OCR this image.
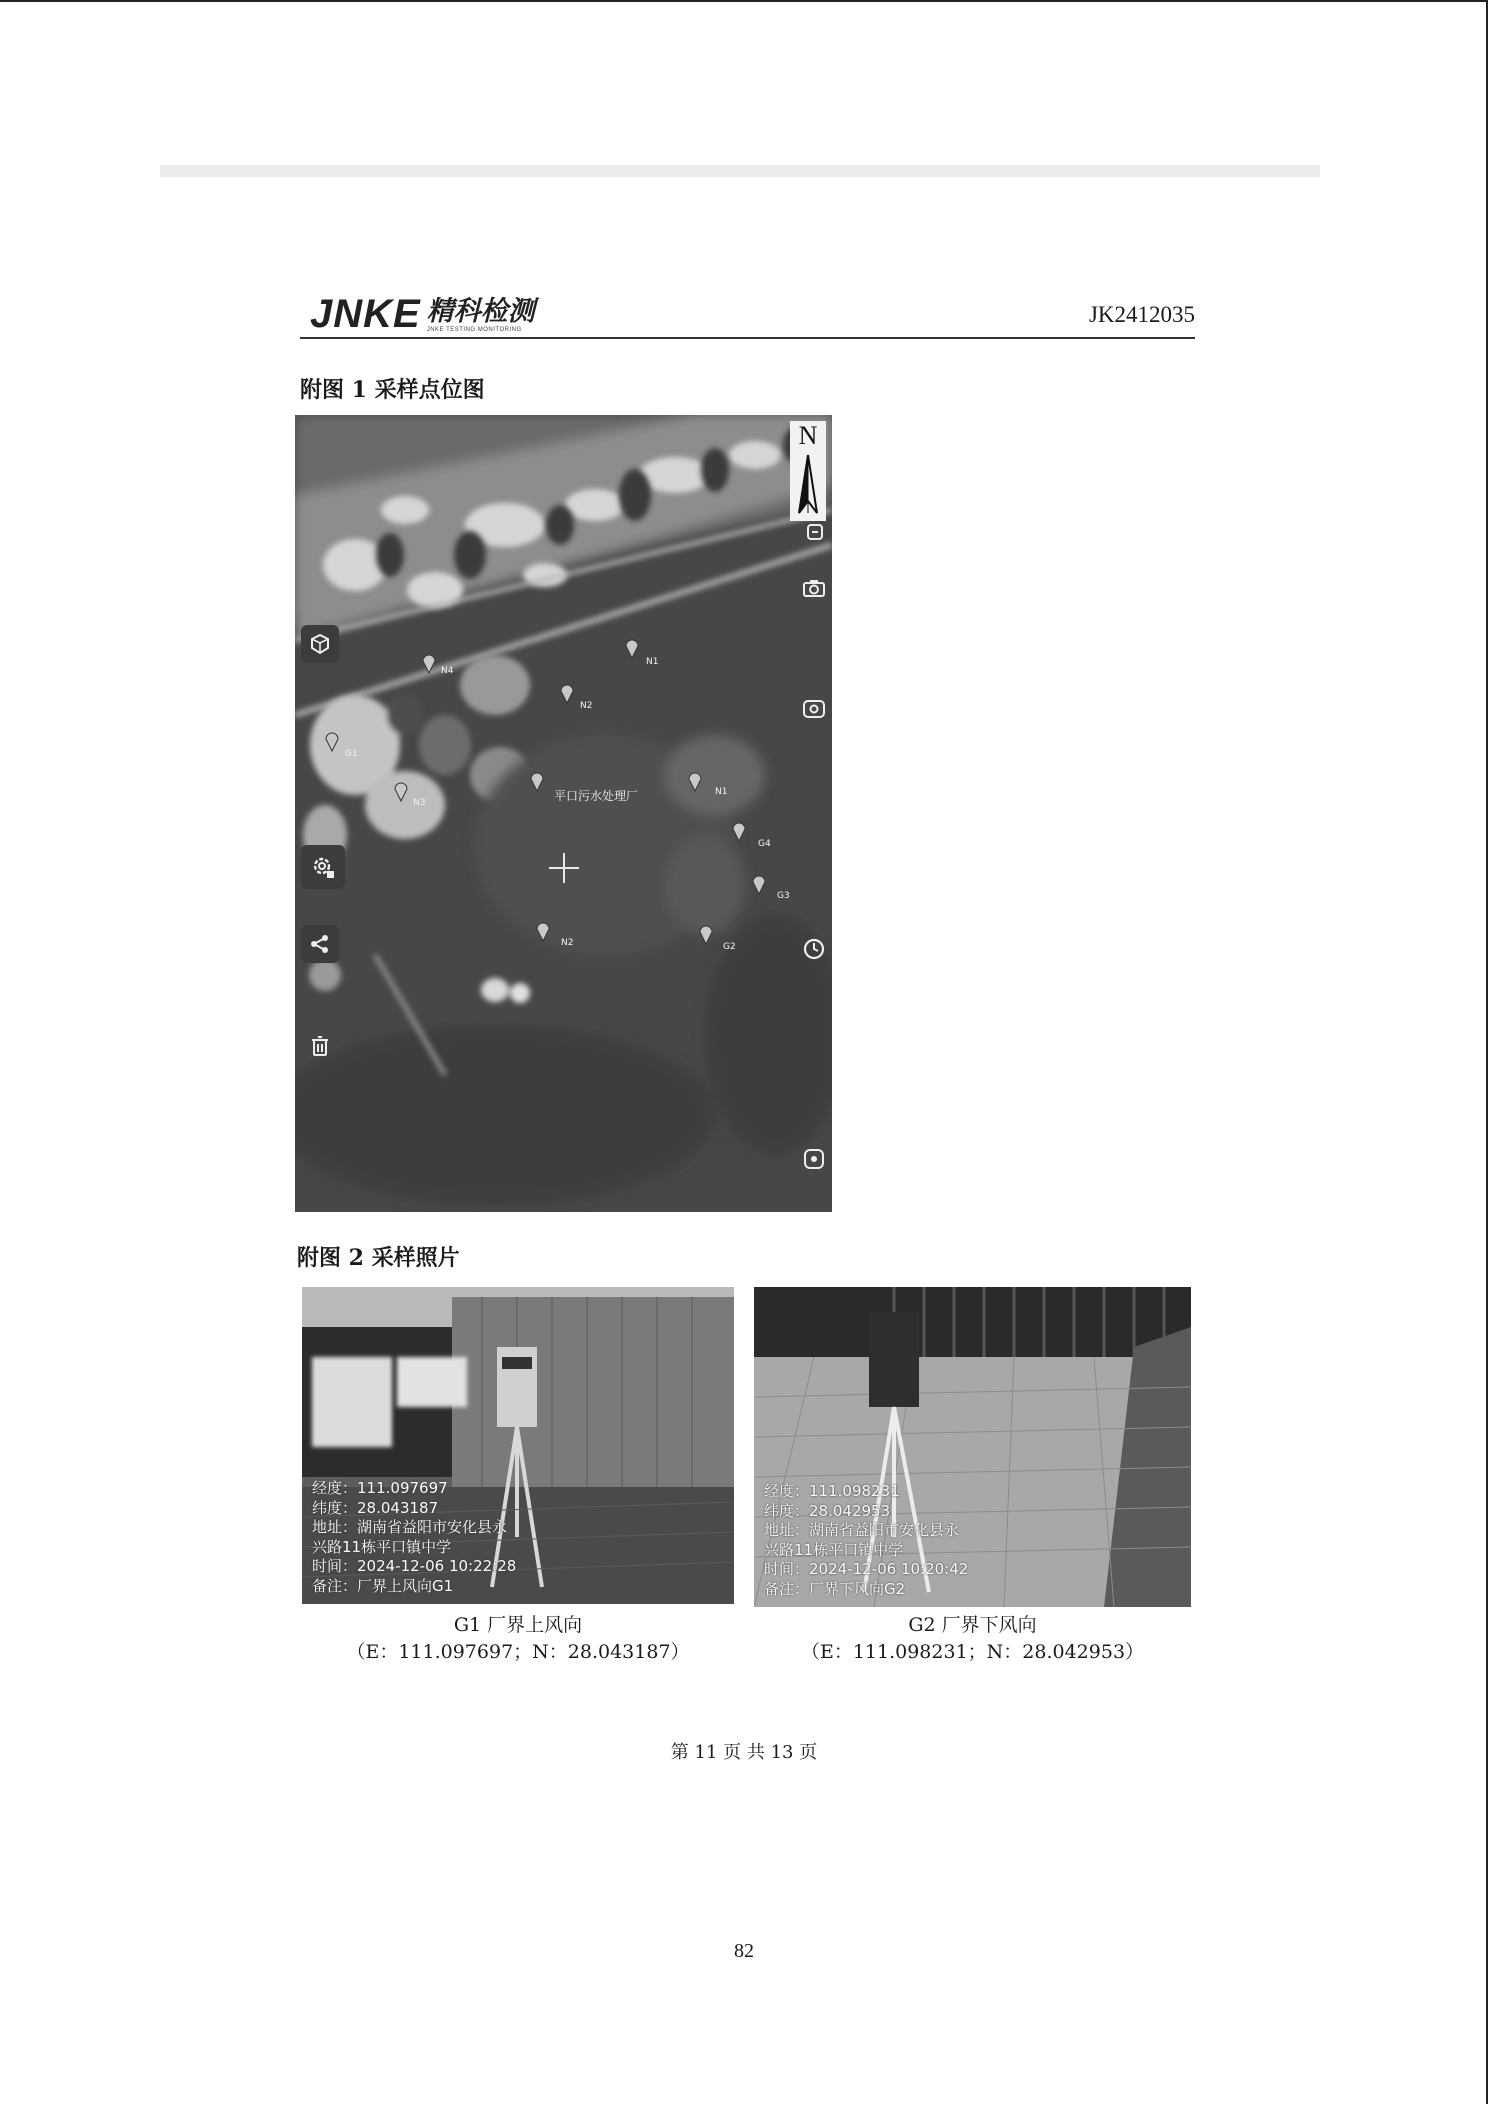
JNKE 精科检测
JNKE TESTING MONITORING
JK2412035
附图 1 采样点位图
N
N4
N1
N2
G1
N3	平口污水处理厂	N1
G4
G3
N2	G2
附图 2 采样照片
经度：111.097697
纬度：28.043187
地址：湖南省益阳市安化县永
兴路11栋平口镇中学
时间：2024-12-06 10:22:28
备注：厂界上风向G1
经度：111.098231
纬度：28.042953
地址：湖南省益阳市安化县永
兴路11栋平口镇中学
时间：2024-12-06 10:20:42
备注：厂界下风向G2
G1 厂界上风向
（E：111.097697；N：28.043187）
G2 厂界下风向
（E：111.098231；N：28.042953）
第 11 页 共 13 页
82
